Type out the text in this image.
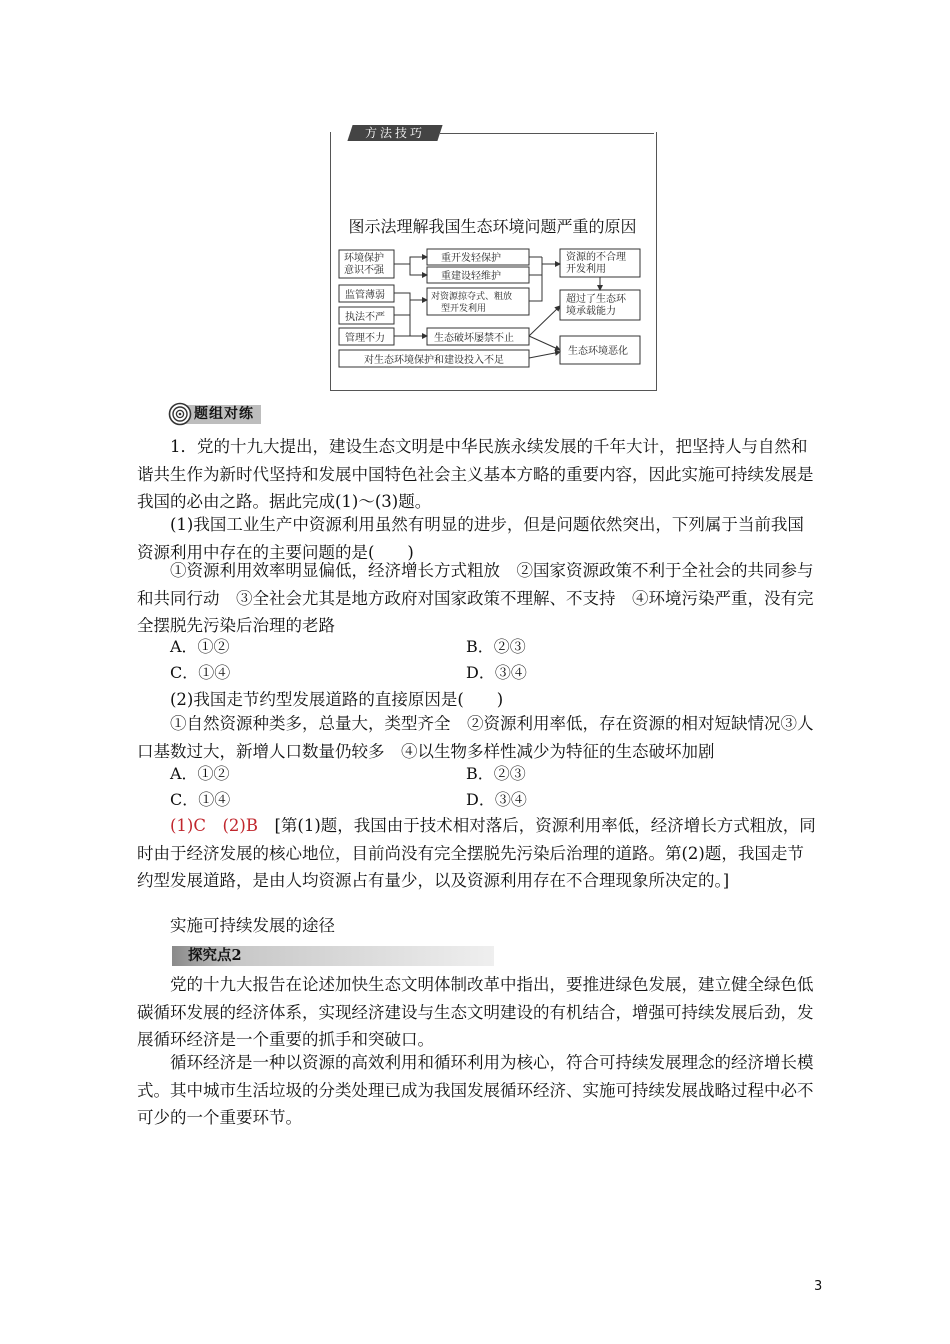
方法技巧
图示法理解我国生态环境问题严重的原因
环境保护
意识不强
重开发轻保护
重建设轻维护
对资源掠夺式、粗放
型开发利用
监管薄弱
执法不严
管理不力	生态破坏屡禁不止
对生态环境保护和建设投入不足
资源的不合理
开发利用
超过了生态环
境承载能力
生态环境恶化
题组对练
1．党的十九大提出，建设生态文明是中华民族永续发展的千年大计，把坚持人与自然和谐共生作为新时代坚持和发展中国特色社会主义基本方略的重要内容，因此实施可持续发展是我国的必由之路。据此完成(1)～(3)题。
(1)我国工业生产中资源利用虽然有明显的进步，但是问题依然突出，下列属于当前我国资源利用中存在的主要问题的是(　　)
①资源利用效率明显偏低，经济增长方式粗放　②国家资源政策不利于全社会的共同参与和共同行动　③全社会尤其是地方政府对国家政策不理解、不支持　④环境污染严重，没有完全摆脱先污染后治理的老路
A．①②	B．②③
C．①④	D．③④
(2)我国走节约型发展道路的直接原因是(　　)
①自然资源种类多，总量大，类型齐全　②资源利用率低，存在资源的相对短缺情况③人口基数过大，新增人口数量仍较多　④以生物多样性减少为特征的生态破坏加剧
A．①②	B．②③
C．①④	D．③④
(1)C　(2)B　[第(1)题，我国由于技术相对落后，资源利用率低，经济增长方式粗放，同时由于经济发展的核心地位，目前尚没有完全摆脱先污染后治理的道路。第(2)题，我国走节约型发展道路，是由人均资源占有量少，以及资源利用存在不合理现象所决定的。]
实施可持续发展的途径
探究点2
党的十九大报告在论述加快生态文明体制改革中指出，要推进绿色发展，建立健全绿色低碳循环发展的经济体系，实现经济建设与生态文明建设的有机结合，增强可持续发展后劲，发展循环经济是一个重要的抓手和突破口。
循环经济是一种以资源的高效利用和循环利用为核心，符合可持续发展理念的经济增长模式。其中城市生活垃圾的分类处理已成为我国发展循环经济、实施可持续发展战略过程中必不可少的一个重要环节。
3
